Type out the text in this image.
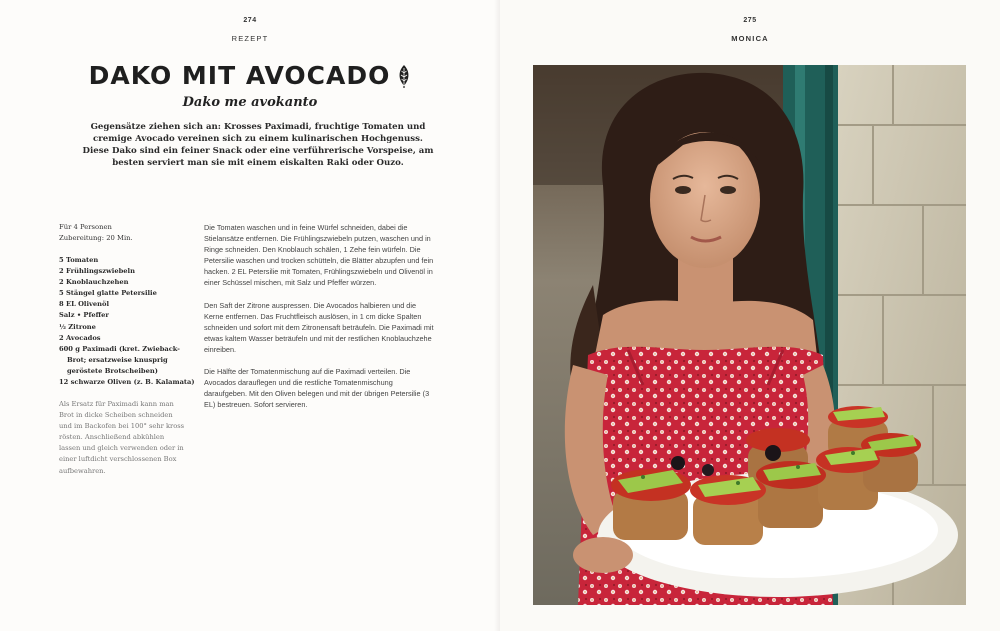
274
REZEPT
DAKO MIT AVOCADO
Dako me avokanto
Gegensätze ziehen sich an: Krosses Paximadi, fruchtige Tomaten und cremige Avocado vereinen sich zu einem kulinarischen Hochgenuss. Diese Dako sind ein feiner Snack oder eine verführerische Vorspeise, am besten serviert man sie mit einem eiskalten Raki oder Ouzo.
Für 4 Personen
Zubereitung: 20 Min.
5 Tomaten
2 Frühlingszwiebeln
2 Knoblauchzehen
5 Stängel glatte Petersilie
8 EL Olivenöl
Salz • Pfeffer
½ Zitrone
2 Avocados
600 g Paximadi (kret. Zwieback-Brot; ersatzweise knusprig geröstete Brotscheiben)
12 schwarze Oliven (z. B. Kalamata)
Als Ersatz für Paximadi kann man Brot in dicke Scheiben schneiden und im Backofen bei 100° sehr kross rösten. Anschließend abkühlen lassen und gleich verwenden oder in einer luftdicht verschlossenen Box aufbewahren.

Die Tomaten waschen und in feine Würfel schneiden, dabei die Stielansätze entfernen. Die Frühlingszwiebeln putzen, waschen und in Ringe schneiden. Den Knoblauch schälen, 1 Zehe fein würfeln. Die Petersilie waschen und trocken schütteln, die Blätter abzupfen und fein hacken. 2 EL Petersilie mit Tomaten, Frühlingszwiebeln und Olivenöl in einer Schüssel mischen, mit Salz und Pfeffer würzen.

Den Saft der Zitrone auspressen. Die Avocados halbieren und die Kerne entfernen. Das Fruchtfleisch auslösen, in 1 cm dicke Spalten schneiden und sofort mit dem Zitronensaft beträufeln. Die Paximadi mit etwas kaltem Wasser beträufeln und mit der restlichen Knoblauchzehe einreiben.

Die Hälfte der Tomatenmischung auf die Paximadi verteilen. Die Avocados darauflegen und die restliche Tomatenmischung daraufgeben. Mit den Oliven belegen und mit der übrigen Petersilie (3 EL) bestreuen. Sofort servieren.

275
MONICA
